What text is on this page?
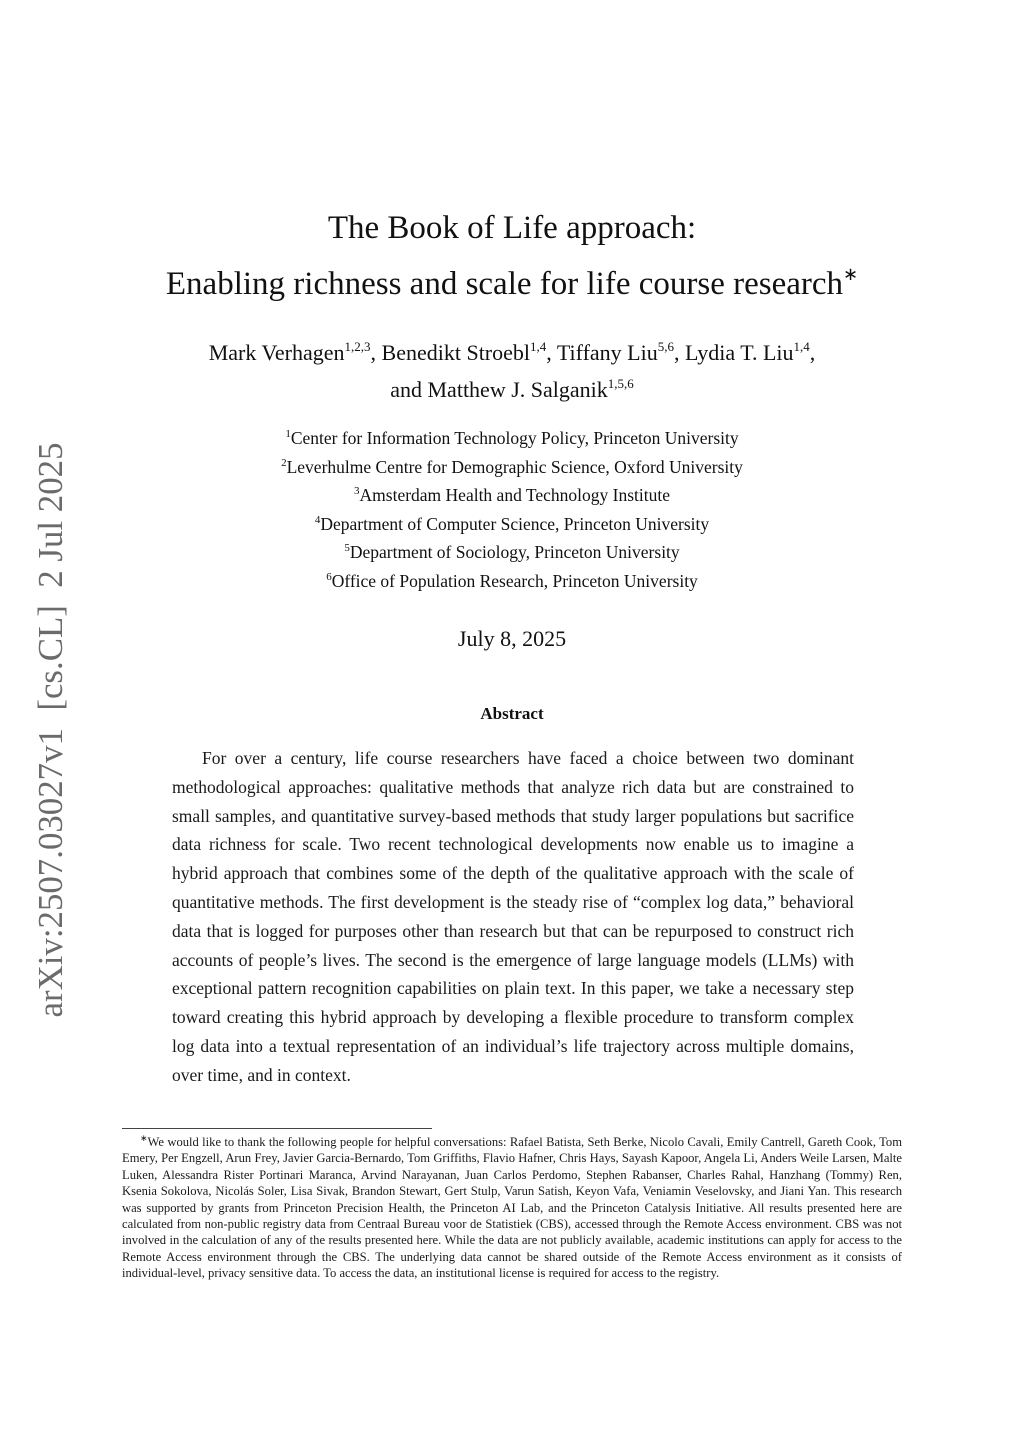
arXiv:2507.03027v1  [cs.CL]  2 Jul 2025
The Book of Life approach:
Enabling richness and scale for life course research∗
Mark Verhagen$^{1,2,3}$, Benedikt Stroebl$^{1,4}$, Tiffany Liu$^{5,6}$, Lydia T. Liu$^{1,4}$,
and Matthew J. Salganik$^{1,5,6}$
$^1$Center for Information Technology Policy, Princeton University
$^2$Leverhulme Centre for Demographic Science, Oxford University
$^3$Amsterdam Health and Technology Institute
$^4$Department of Computer Science, Princeton University
$^5$Department of Sociology, Princeton University
$^6$Office of Population Research, Princeton University
July 8, 2025
Abstract

For over a century, life course researchers have faced a choice between two dominant methodological approaches: qualitative methods that analyze rich data but are constrained to small samples, and quantitative survey-based methods that study larger populations but sacrifice data richness for scale. Two recent technological developments now enable us to imagine a hybrid approach that combines some of the depth of the qualitative approach with the scale of quantitative methods. The first development is the steady rise of “complex log data,” behavioral data that is logged for purposes other than research but that can be repurposed to construct rich accounts of people’s lives. The second is the emergence of large language models (LLMs) with exceptional pattern recognition capabilities on plain text. In this paper, we take a necessary step toward creating this hybrid approach by developing a flexible procedure to transform complex log data into a textual representation of an individual’s life trajectory across multiple domains, over time, and in context.

∗We would like to thank the following people for helpful conversations: Rafael Batista, Seth Berke, Nicolo Cavali, Emily Cantrell, Gareth Cook, Tom Emery, Per Engzell, Arun Frey, Javier Garcia-Bernardo, Tom Griffiths, Flavio Hafner, Chris Hays, Sayash Kapoor, Angela Li, Anders Weile Larsen, Malte Luken, Alessandra Rister Portinari Maranca, Arvind Narayanan, Juan Carlos Perdomo, Stephen Rabanser, Charles Rahal, Hanzhang (Tommy) Ren, Ksenia Sokolova, Nicolás Soler, Lisa Sivak, Brandon Stewart, Gert Stulp, Varun Satish, Keyon Vafa, Veniamin Veselovsky, and Jiani Yan. This research was supported by grants from Princeton Precision Health, the Princeton AI Lab, and the Princeton Catalysis Initiative. All results presented here are calculated from non-public registry data from Centraal Bureau voor de Statistiek (CBS), accessed through the Remote Access environment. CBS was not involved in the calculation of any of the results presented here. While the data are not publicly available, academic institutions can apply for access to the Remote Access environment through the CBS. The underlying data cannot be shared outside of the Remote Access environment as it consists of individual-level, privacy sensitive data. To access the data, an institutional license is required for access to the registry.
